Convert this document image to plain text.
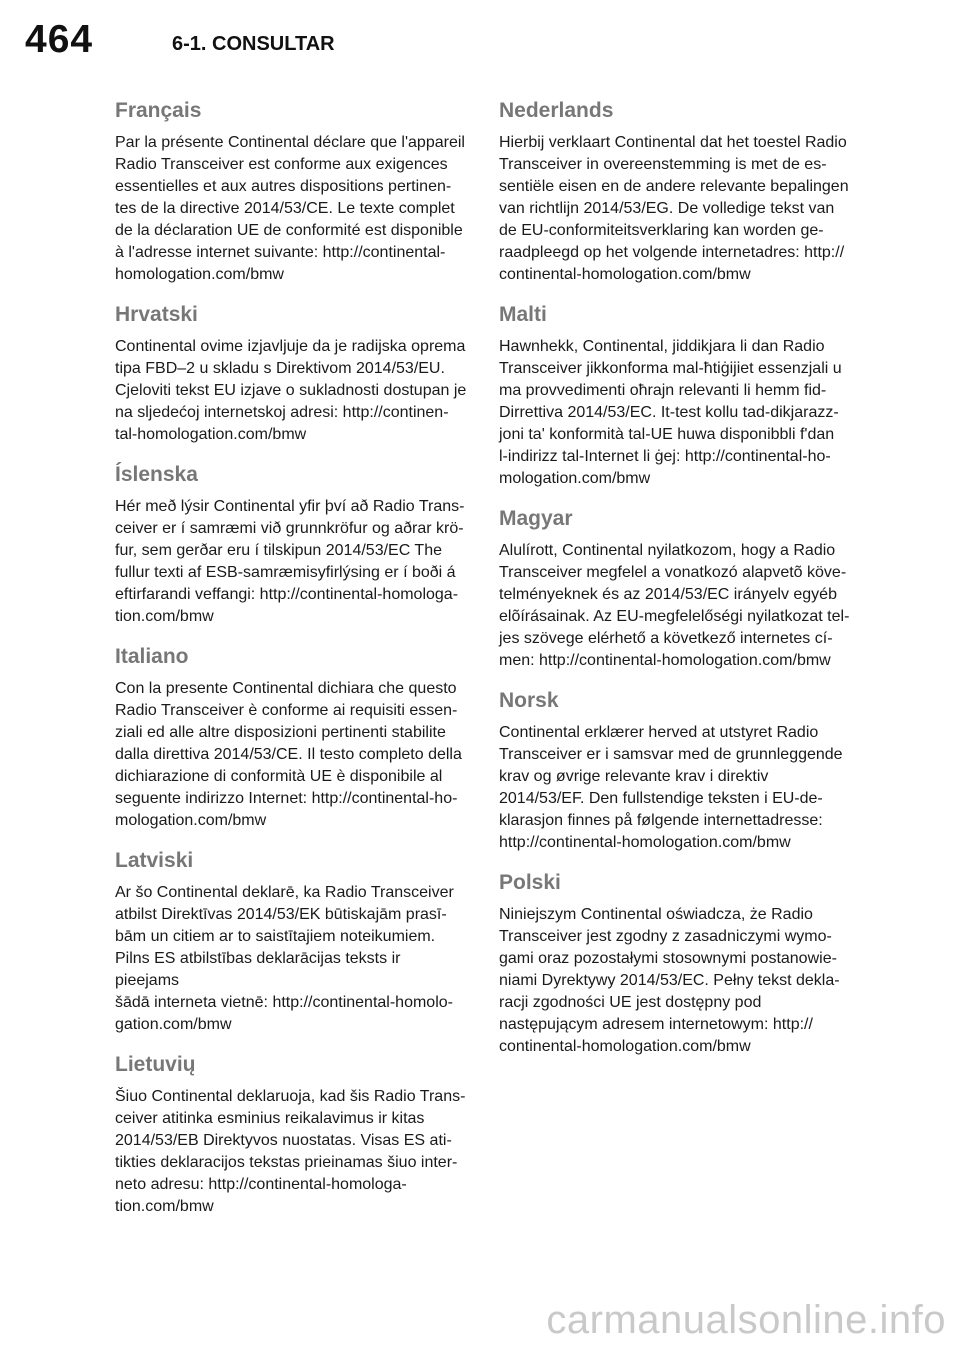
464	6-1. CONSULTAR
Français

Par la présente Continental déclare que l'appareil
Radio Transceiver est conforme aux exigences
essentielles et aux autres dispositions pertinen-
tes de la directive 2014/53/CE. Le texte complet
de la déclaration UE de conformité est disponible
à l'adresse internet suivante: http://continental-
homologation.com/bmw

Hrvatski

Continental ovime izjavljuje da je radijska oprema
tipa FBD–2 u skladu s Direktivom 2014/53/EU.
Cjeloviti tekst EU izjave o sukladnosti dostupan je
na sljedećoj internetskoj adresi: http://continen-
tal-homologation.com/bmw

Íslenska

Hér með lýsir Continental yfir því að Radio Trans-
ceiver er í samræmi við grunnkröfur og aðrar krö-
fur, sem gerðar eru í tilskipun 2014/53/EC The
fullur texti af ESB-samræmisyfirlýsing er í boði á
eftirfarandi veffangi: http://continental-homologa-
tion.com/bmw

Italiano

Con la presente Continental dichiara che questo
Radio Transceiver è conforme ai requisiti essen-
ziali ed alle altre disposizioni pertinenti stabilite
dalla direttiva 2014/53/CE. Il testo completo della
dichiarazione di conformità UE è disponibile al
seguente indirizzo Internet: http://continental-ho-
mologation.com/bmw

Latviski

Ar šo Continental deklarē, ka Radio Transceiver
atbilst Direktīvas 2014/53/EK būtiskajām prasī-
bām un citiem ar to saistītajiem noteikumiem.
Pilns ES atbilstības deklarācijas teksts ir pieejams
šādā interneta vietnē: http://continental-homolo-
gation.com/bmw

Lietuvių

Šiuo Continental deklaruoja, kad šis Radio Trans-
ceiver atitinka esminius reikalavimus ir kitas
2014/53/EB Direktyvos nuostatas. Visas ES ati-
tikties deklaracijos tekstas prieinamas šiuo inter-
neto adresu: http://continental-homologa-
tion.com/bmw

Nederlands

Hierbij verklaart Continental dat het toestel Radio
Transceiver in overeenstemming is met de es-
sentiële eisen en de andere relevante bepalingen
van richtlijn 2014/53/EG. De volledige tekst van
de EU-conformiteitsverklaring kan worden ge-
raadpleegd op het volgende internetadres: http://
continental-homologation.com/bmw

Malti

Hawnhekk, Continental, jiddikjara li dan Radio
Transceiver jikkonforma mal-ħtiġijiet essenzjali u
ma provvedimenti oħrajn relevanti li hemm fid-
Dirrettiva 2014/53/EC. It-test kollu tad-dikjarazz-
joni ta' konformità tal-UE huwa disponibbli f'dan
l-indirizz tal-Internet li ġej: http://continental-ho-
mologation.com/bmw

Magyar

Alulírott, Continental nyilatkozom, hogy a Radio
Transceiver megfelel a vonatkozó alapvetõ köve-
telményeknek és az 2014/53/EC irányelv egyéb
elõírásainak. Az EU-megfelelőségi nyilatkozat tel-
jes szövege elérhető a következő internetes cí-
men: http://continental-homologation.com/bmw

Norsk

Continental erklærer herved at utstyret Radio
Transceiver er i samsvar med de grunnleggende
krav og øvrige relevante krav i direktiv
2014/53/EF. Den fullstendige teksten i EU-de-
klarasjon finnes på følgende internettadresse:
http://continental-homologation.com/bmw

Polski

Niniejszym Continental oświadcza, że Radio
Transceiver jest zgodny z zasadniczymi wymo-
gami oraz pozostałymi stosownymi postanowie-
niami Dyrektywy 2014/53/EC. Pełny tekst dekla-
racji zgodności UE jest dostępny pod
następującym adresem internetowym: http://
continental-homologation.com/bmw

carmanualsonline.info
